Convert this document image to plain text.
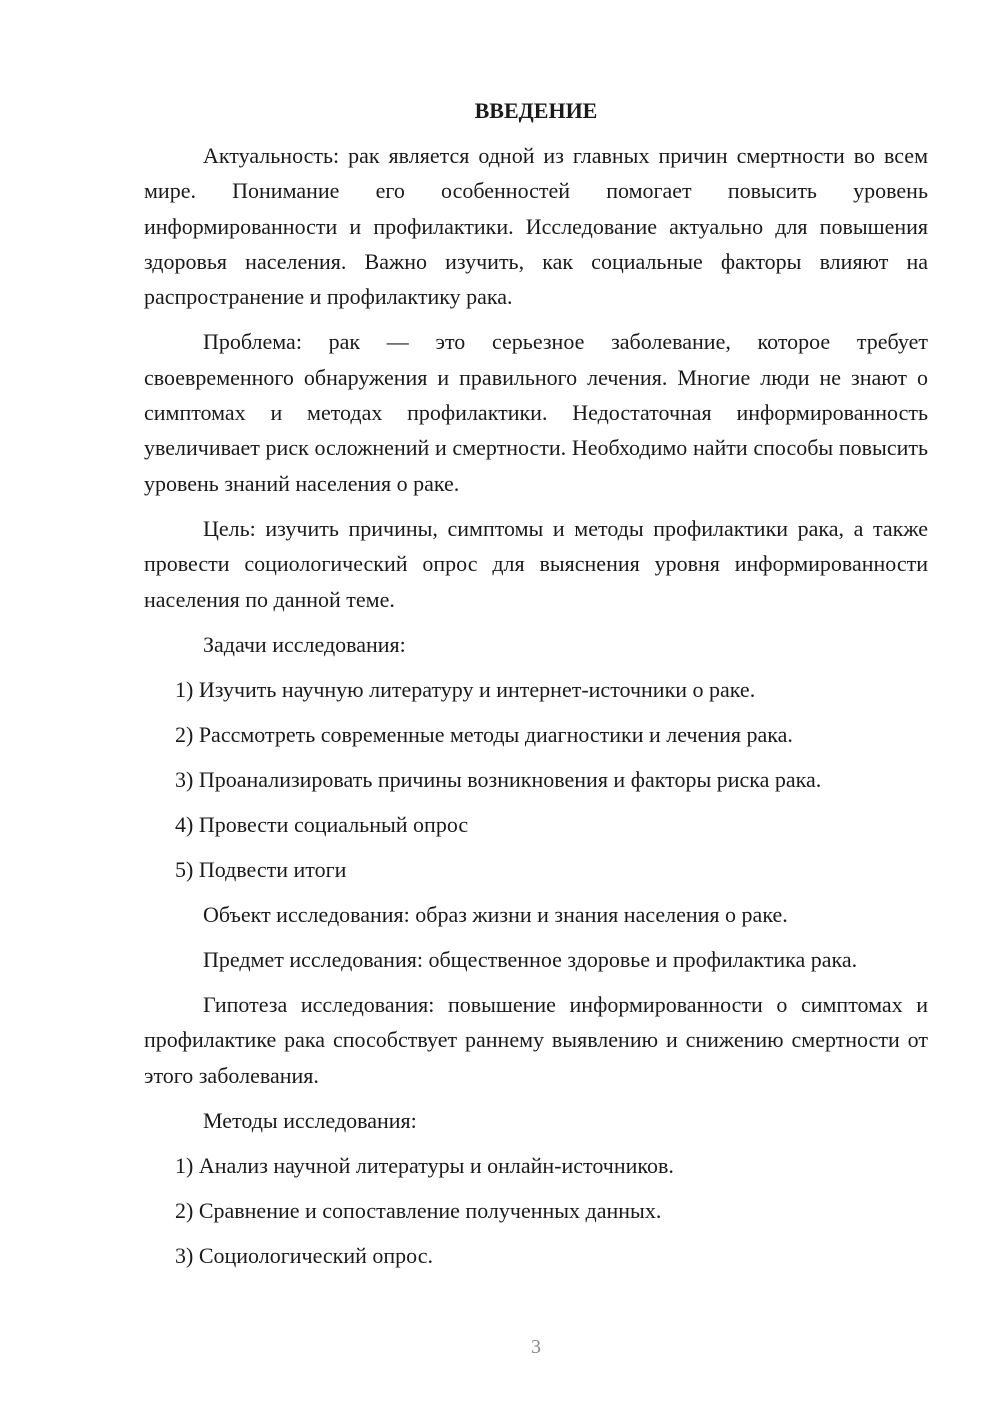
ВВЕДЕНИЕ

Актуальность: рак является одной из главных причин смертности во всем мире. Понимание его особенностей помогает повысить уровень информированности и профилактики. Исследование актуально для повышения здоровья населения. Важно изучить, как социальные факторы влияют на распространение и профилактику рака.

Проблема: рак — это серьезное заболевание, которое требует своевременного обнаружения и правильного лечения. Многие люди не знают о симптомах и методах профилактики. Недостаточная информированность увеличивает риск осложнений и смертности. Необходимо найти способы повысить уровень знаний населения о раке.

Цель: изучить причины, симптомы и методы профилактики рака, а также провести социологический опрос для выяснения уровня информированности населения по данной теме.

Задачи исследования:

1) Изучить научную литературу и интернет-источники о раке.

2) Рассмотреть современные методы диагностики и лечения рака.

3) Проанализировать причины возникновения и факторы риска рака.

4) Провести социальный опрос

5) Подвести итоги

Объект исследования: образ жизни и знания населения о раке.

Предмет исследования: общественное здоровье и профилактика рака.

Гипотеза исследования: повышение информированности о симптомах и профилактике рака способствует раннему выявлению и снижению смертности от этого заболевания.

Методы исследования:

1) Анализ научной литературы и онлайн-источников.

2) Сравнение и сопоставление полученных данных.

3) Социологический опрос.

3
